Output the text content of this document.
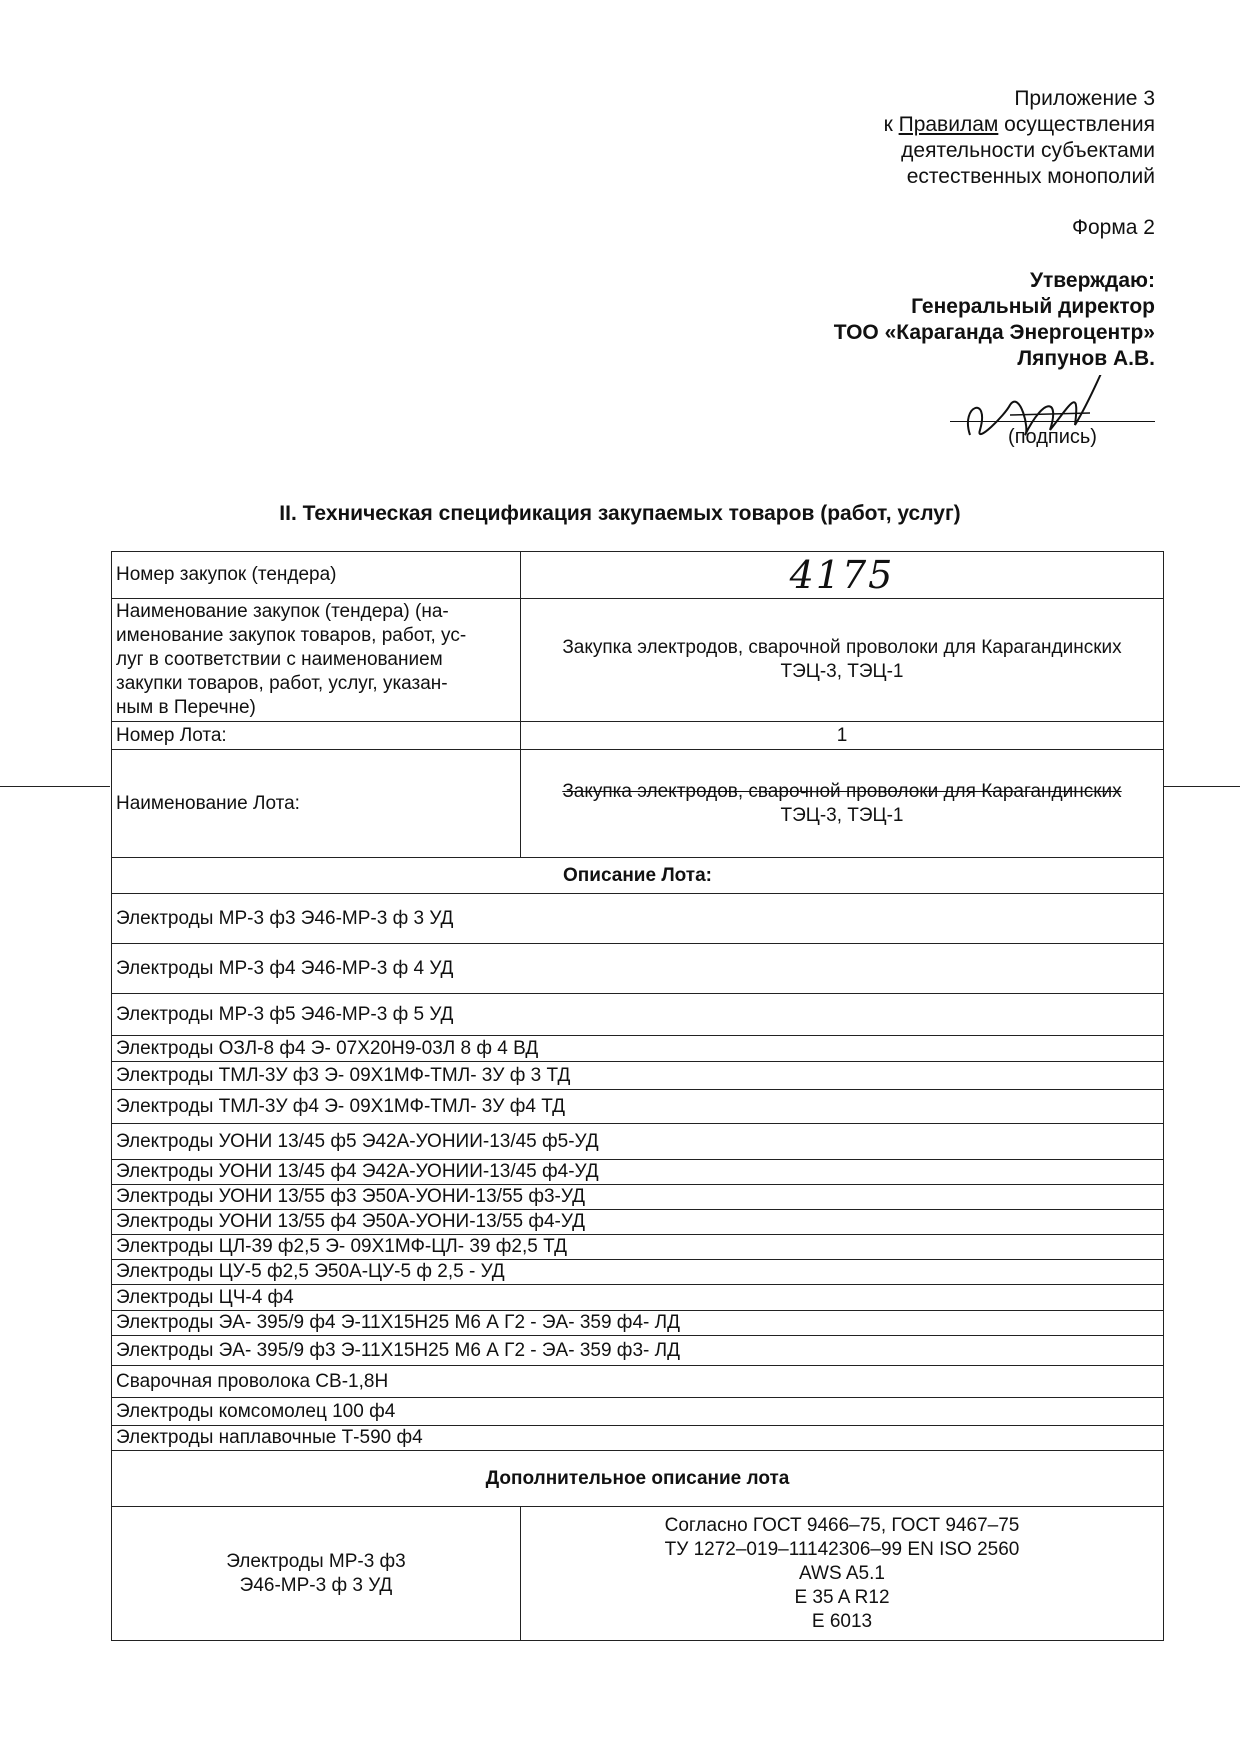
Приложение 3
к Правилам осуществления
деятельности субъектами
естественных монополий
Форма 2
Утверждаю:
Генеральный директор
ТОО «Караганда Энергоцентр»
Ляпунов А.В.
(подпись)
II. Техническая спецификация закупаемых товаров (работ, услуг)
Номер закупок (тендера)	4175
Наименование закупок (тендера) (на-
именование закупок товаров, работ, ус-
луг в соответствии с наименованием
закупки товаров, работ, услуг, указан-
ным в Перечне)	Закупка электродов, сварочной проволоки для Карагандинских
ТЭЦ-3, ТЭЦ-1
Номер Лота:	1
Наименование Лота:	Закупка электродов, сварочной проволоки для Карагандинских
ТЭЦ-3, ТЭЦ-1

Описание Лота:	
Электроды МР-3 ф3 Э46-МР-3 ф 3 УД	
Электроды МР-3 ф4 Э46-МР-3 ф 4 УД	
Электроды МР-3 ф5 Э46-МР-3 ф 5 УД	
Электроды ОЗЛ-8 ф4 Э- 07Х20Н9-03Л 8 ф 4 ВД	
Электроды ТМЛ-3У ф3 Э- 09Х1МФ-ТМЛ- 3У ф 3 ТД	
Электроды ТМЛ-3У ф4 Э- 09Х1МФ-ТМЛ- 3У ф4 ТД	
Электроды УОНИ 13/45 ф5 Э42А-УОНИИ-13/45 ф5-УД	
Электроды УОНИ 13/45 ф4 Э42А-УОНИИ-13/45 ф4-УД	
Электроды УОНИ 13/55 ф3 Э50А-УОНИ-13/55 ф3-УД	
Электроды УОНИ 13/55 ф4 Э50А-УОНИ-13/55 ф4-УД	
Электроды ЦЛ-39 ф2,5 Э- 09Х1МФ-ЦЛ- 39 ф2,5 ТД	
Электроды ЦУ-5 ф2,5 Э50А-ЦУ-5 ф 2,5 - УД	
Электроды ЦЧ-4 ф4	
Электроды ЭА- 395/9 ф4 Э-11Х15Н25 М6 А Г2 - ЭА- 359 ф4- ЛД	
Электроды ЭА- 395/9 ф3 Э-11Х15Н25 М6 А Г2 - ЭА- 359 ф3- ЛД	
Сварочная проволока СВ-1,8Н	
Электроды комсомолец 100 ф4	
Электроды наплавочные Т-590 ф4	
Дополнительное описание лота	
Электроды МР-3 ф3
Э46-МР-3 ф 3 УД	Согласно ГОСТ 9466–75, ГОСТ 9467–75
ТУ 1272–019–11142306–99 EN ISO 2560
AWS A5.1
E 35 A R12
E 6013
